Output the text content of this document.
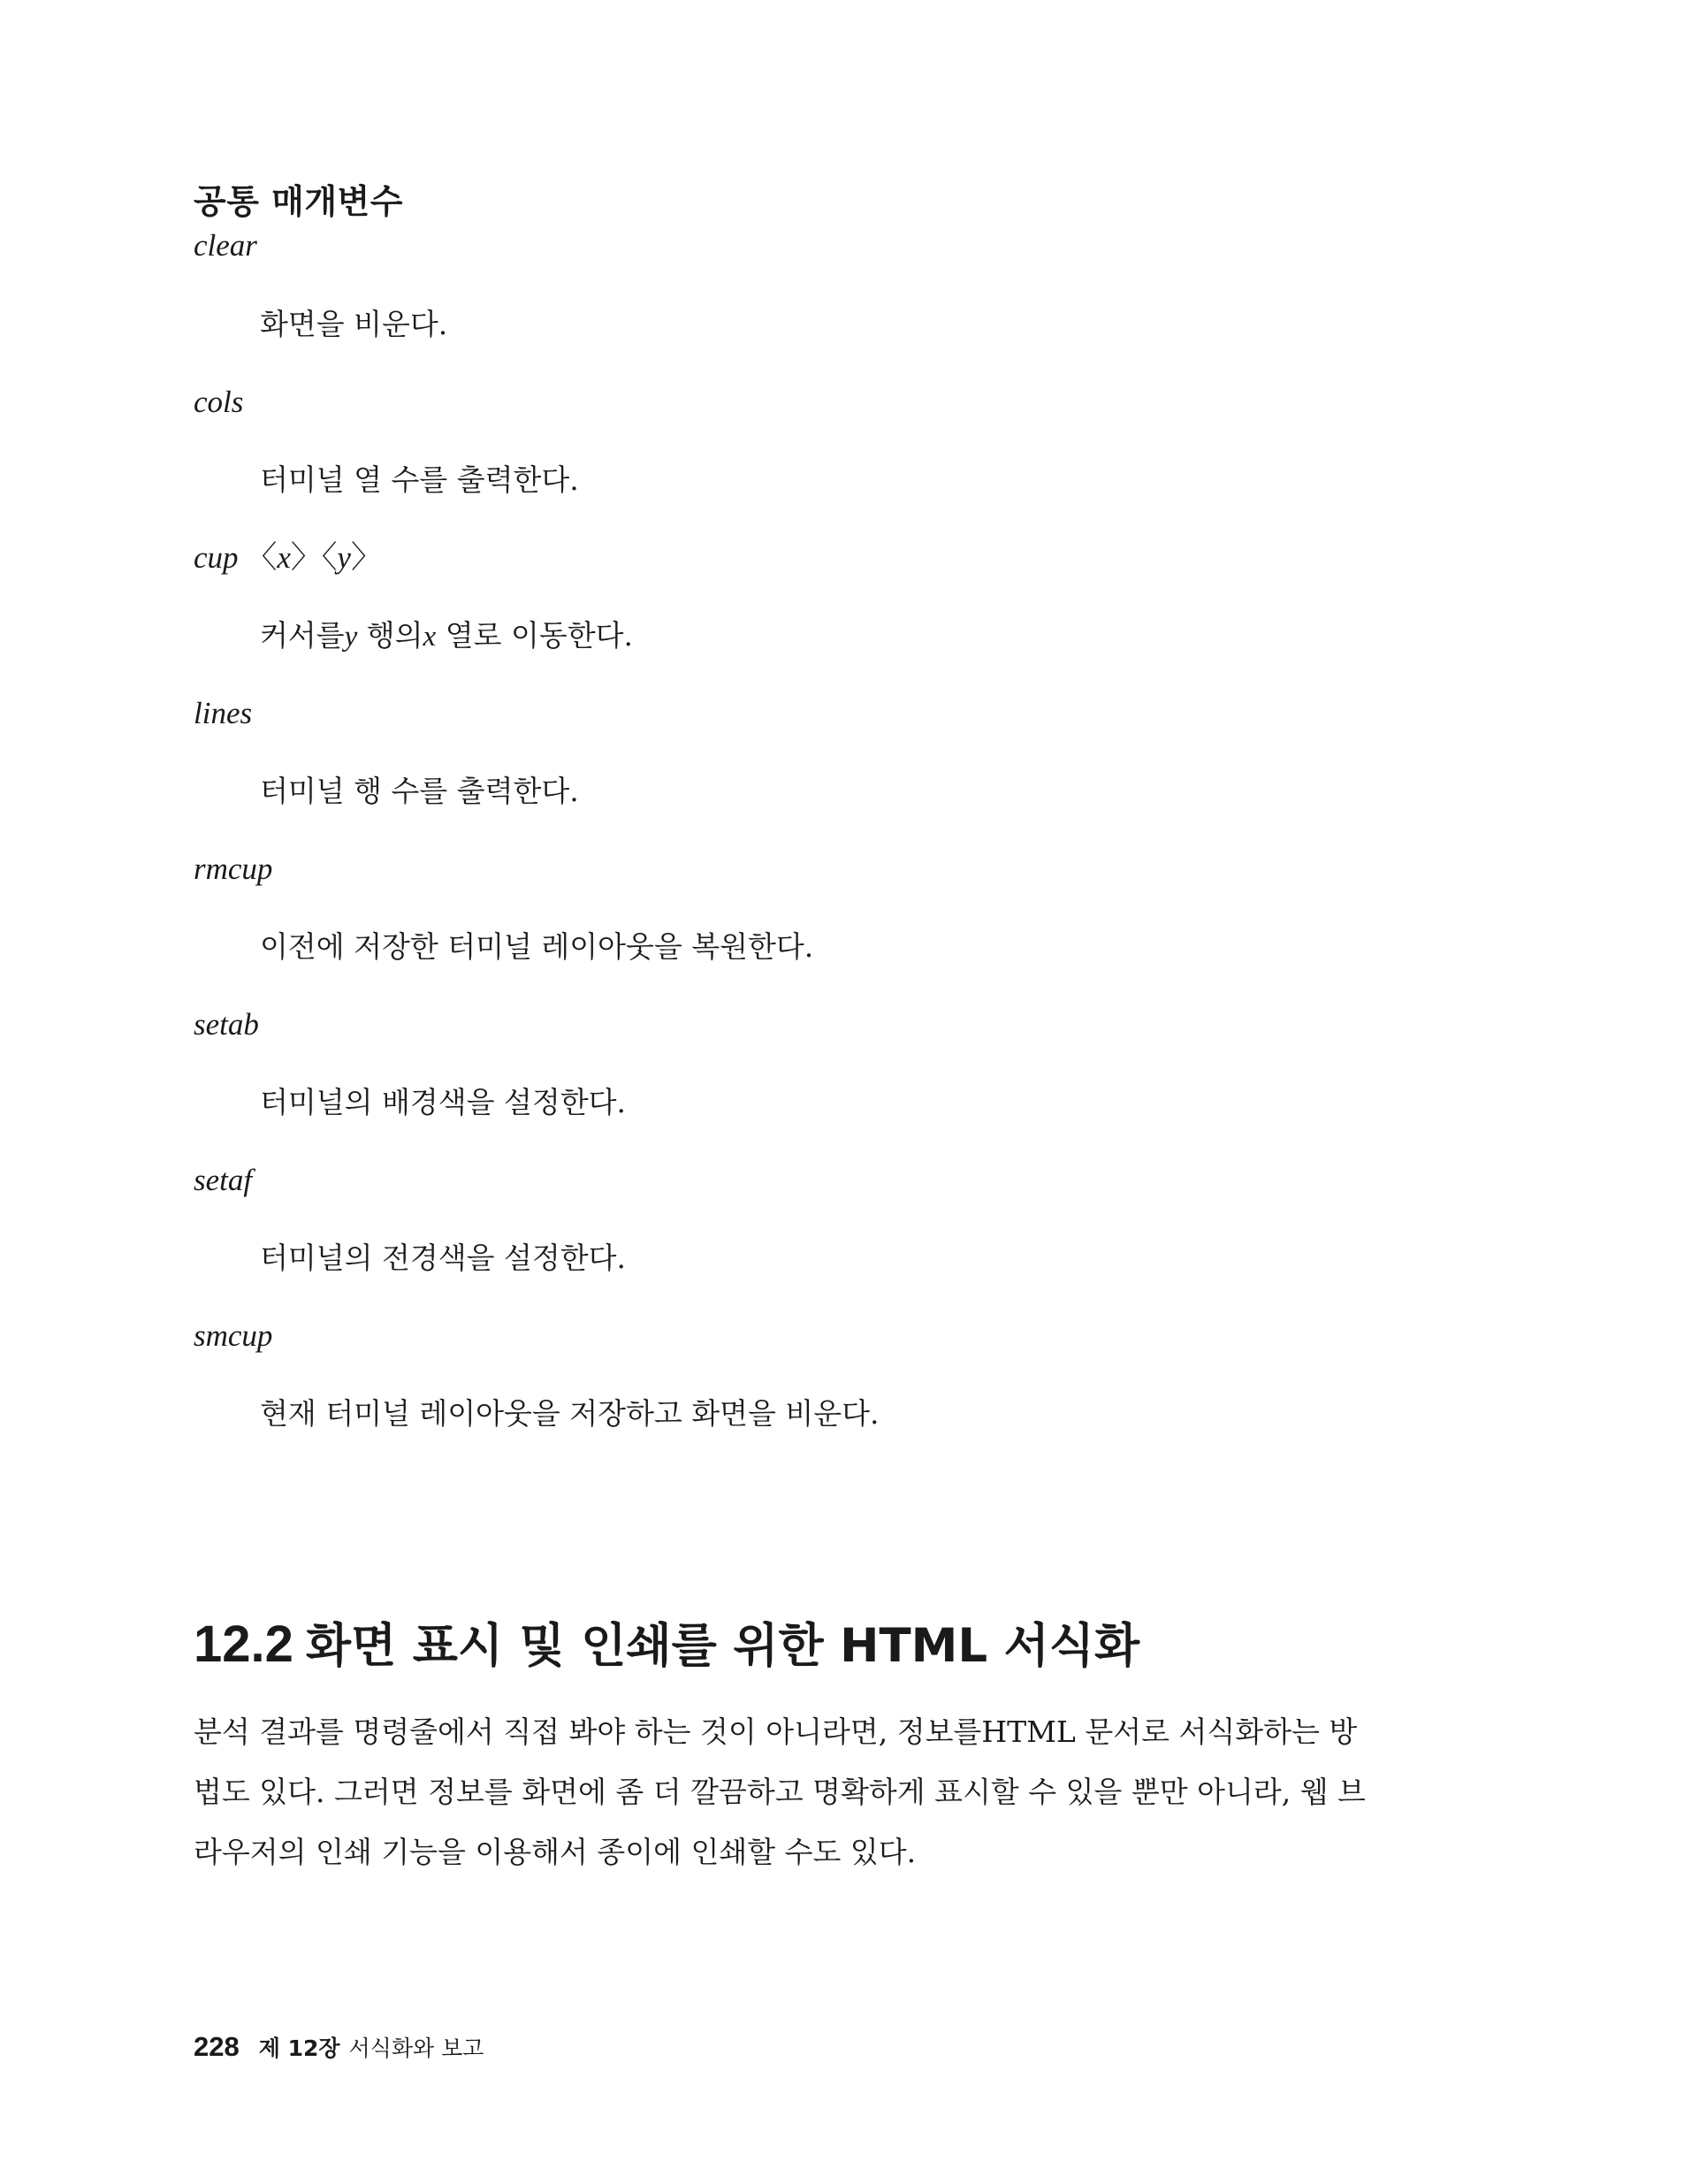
공통 매개변수

clear

화면을 비운다.

cols

터미널 열 수를 출력한다.

cup 〈x〉〈y〉

커서를y 행의x 열로 이동한다.

lines

터미널 행 수를 출력한다.

rmcup

이전에 저장한 터미널 레이아웃을 복원한다.

setab

터미널의 배경색을 설정한다.

setaf

터미널의 전경색을 설정한다.

smcup

현재 터미널 레이아웃을 저장하고 화면을 비운다.

12.2 화면 표시 및 인쇄를 위한 HTML 서식화

분석 결과를 명령줄에서 직접 봐야 하는 것이 아니라면, 정보를HTML 문서로 서식화하는 방
법도 있다. 그러면 정보를 화면에 좀 더 깔끔하고 명확하게 표시할 수 있을 뿐만 아니라, 웹 브
라우저의 인쇄 기능을 이용해서 종이에 인쇄할 수도 있다.

228 제 12장 서식화와 보고
